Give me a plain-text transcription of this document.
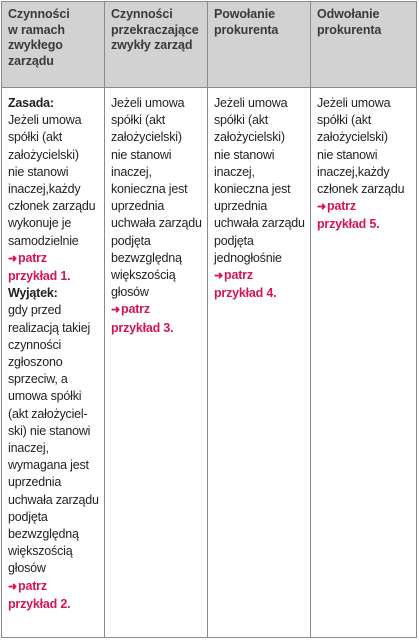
Czynności
w ramach
zwykłego
zarządu
Czynności
przekraczające
zwykły zarząd
Powołanie
prokurenta
Odwołanie
prokurenta
Zasada:
Jeżeli umowa
spółki (akt
założycielski)
nie stanowi
inaczej,każdy
członek zarządu
wykonuje je
samodzielnie
➜patrz
przykład 1.
Wyjątek:
gdy przed
realizacją takiej
czynności
zgłoszono
sprzeciw, a
umowa spółki
(akt założyciel-
ski) nie stanowi
inaczej,
wymagana jest
uprzednia
uchwała zarządu
podjęta
bezwzględną
większością
głosów
➜patrz
przykład 2.
Jeżeli umowa
spółki (akt
założycielski)
nie stanowi
inaczej,
konieczna jest
uprzednia
uchwała zarządu
podjęta
bezwzględną
większością
głosów
➜patrz
przykład 3.
Jeżeli umowa
spółki (akt
założycielski)
nie stanowi
inaczej,
konieczna jest
uprzednia
uchwała zarządu
podjęta
jednogłośnie
➜patrz
przykład 4.
Jeżeli umowa
spółki (akt
założycielski)
nie stanowi
inaczej,każdy
członek zarządu
➜patrz
przykład 5.
